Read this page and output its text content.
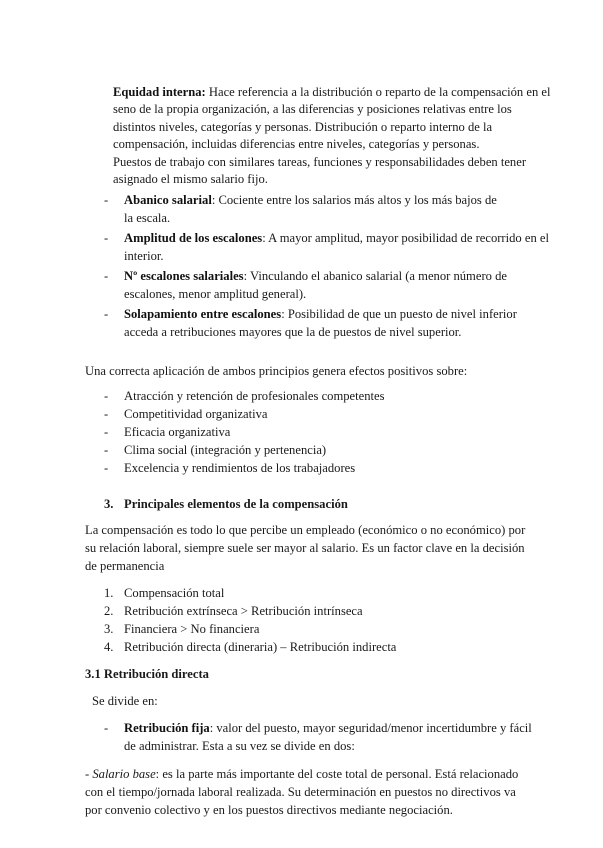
Equidad interna: Hace referencia a la distribución o reparto de la compensación en el
seno de la propia organización, a las diferencias y posiciones relativas entre los
distintos niveles, categorías y personas. Distribución o reparto interno de la
compensación, incluidas diferencias entre niveles, categorías y personas.
Puestos de trabajo con similares tareas, funciones y responsabilidades deben tener
asignado el mismo salario fijo.
- Abanico salarial: Cociente entre los salarios más altos y los más bajos de
la escala.
- Amplitud de los escalones: A mayor amplitud, mayor posibilidad de recorrido en el
interior.
- Nº escalones salariales: Vinculando el abanico salarial (a menor número de
escalones, menor amplitud general).
- Solapamiento entre escalones: Posibilidad de que un puesto de nivel inferior
acceda a retribuciones mayores que la de puestos de nivel superior.
Una correcta aplicación de ambos principios genera efectos positivos sobre:
- Atracción y retención de profesionales competentes
- Competitividad organizativa
- Eficacia organizativa
- Clima social (integración y pertenencia)
- Excelencia y rendimientos de los trabajadores
3. Principales elementos de la compensación
La compensación es todo lo que percibe un empleado (económico o no económico) por
su relación laboral, siempre suele ser mayor al salario. Es un factor clave en la decisión
de permanencia
1. Compensación total
2. Retribución extrínseca > Retribución intrínseca
3. Financiera > No financiera
4. Retribución directa (dineraria) – Retribución indirecta
3.1 Retribución directa
Se divide en:
- Retribución fija: valor del puesto, mayor seguridad/menor incertidumbre y fácil
de administrar. Esta a su vez se divide en dos:
- Salario base: es la parte más importante del coste total de personal. Está relacionado
con el tiempo/jornada laboral realizada. Su determinación en puestos no directivos va
por convenio colectivo y en los puestos directivos mediante negociación.
